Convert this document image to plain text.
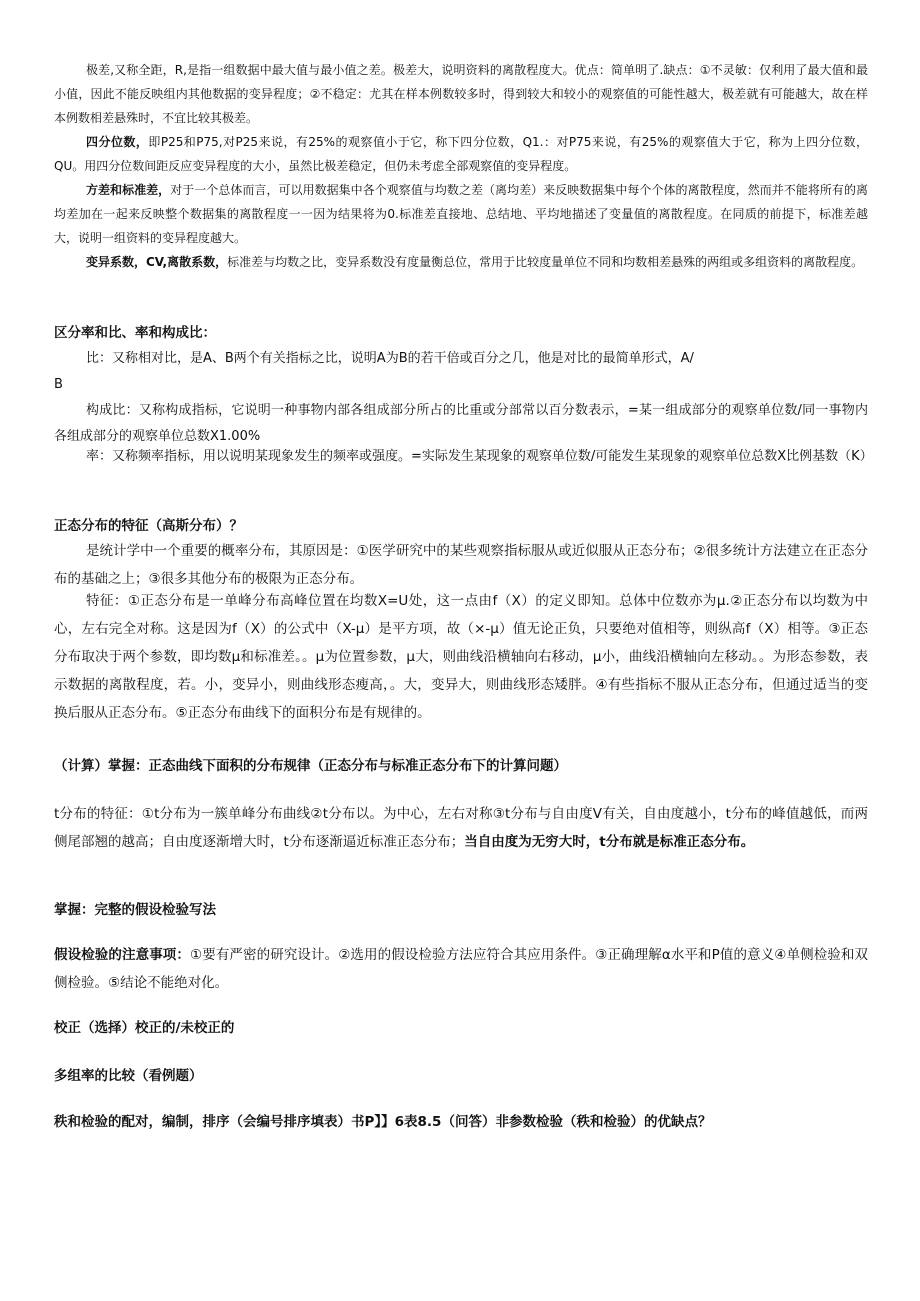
极差,又称全距，R,是指一组数据中最大值与最小值之差。极差大，说明资料的离散程度大。优点：简单明了.缺点：①不灵敏：仅利用了最大值和最小值，因此不能反映组内其他数据的变异程度；②不稳定：尤其在样本例数较多时，得到较大和较小的观察值的可能性越大，极差就有可能越大，故在样本例数相差悬殊时，不宜比较其极差。

四分位数，即P25和P75,对P25来说，有25%的观察值小于它，称下四分位数，Q1.：对P75来说，有25%的观察值大于它，称为上四分位数，QU。用四分位数间距反应变异程度的大小，虽然比极差稳定，但仍未考虑全部观察值的变异程度。

方差和标准差，对于一个总体而言，可以用数据集中各个观察值与均数之差（离均差）来反映数据集中每个个体的离散程度，然而并不能将所有的离均差加在一起来反映整个数据集的离散程度一一因为结果将为0.标准差直接地、总结地、平均地描述了变量值的离散程度。在同质的前提下，标准差越大，说明一组资料的变异程度越大。

变异系数，CV,离散系数，标准差与均数之比，变异系数没有度量衡总位，常用于比较度量单位不同和均数相差悬殊的两组或多组资料的离散程度。

区分率和比、率和构成比：

比：又称相对比，是A、B两个有关指标之比，说明A为B的若干倍或百分之几，他是对比的最简单形式，A/

B

构成比：又称构成指标，它说明一种事物内部各组成部分所占的比重或分部常以百分数表示，=某一组成部分的观察单位数/同一事物内各组成部分的观察单位总数X1.00%

率：又称频率指标，用以说明某现象发生的频率或强度。=实际发生某现象的观察单位数/可能发生某现象的观察单位总数X比例基数（K）

正态分布的特征（高斯分布）？

是统计学中一个重要的概率分布，其原因是：①医学研究中的某些观察指标服从或近似服从正态分布；②很多统计方法建立在正态分布的基础之上；③很多其他分布的极限为正态分布。

特征：①正态分布是一单峰分布高峰位置在均数X=U处，这一点由f（X）的定义即知。总体中位数亦为μ.②正态分布以均数为中心，左右完全对称。这是因为f（X）的公式中（X-μ）是平方项，故（×-μ）值无论正负，只要绝对值相等，则纵高f（X）相等。③正态分布取决于两个参数，即均数μ和标准差。。μ为位置参数，μ大，则曲线沿横轴向右移动，μ小，曲线沿横轴向左移动。。为形态参数，表示数据的离散程度，若。小，变异小，则曲线形态瘦高，。大，变异大，则曲线形态矮胖。④有些指标不服从正态分布，但通过适当的变换后服从正态分布。⑤正态分布曲线下的面积分布是有规律的。

（计算）掌握：正态曲线下面积的分布规律（正态分布与标准正态分布下的计算问题）

t分布的特征：①t分布为一簇单峰分布曲线②t分布以。为中心，左右对称③t分布与自由度V有关，自由度越小，t分布的峰值越低，而两侧尾部翘的越高；自由度逐渐增大时，t分布逐渐逼近标准正态分布；当自由度为无穷大时，t分布就是标准正态分布。

掌握：完整的假设检验写法

假设检验的注意事项：①要有严密的研究设计。②选用的假设检验方法应符合其应用条件。③正确理解α水平和P值的意义④单侧检验和双侧检验。⑤结论不能绝对化。

校正（选择）校正的/未校正的

多组率的比较（看例题）

秩和检验的配对，编制，排序（会编号排序填表）书P】】6表8.5（问答）非参数检验（秩和检验）的优缺点？
